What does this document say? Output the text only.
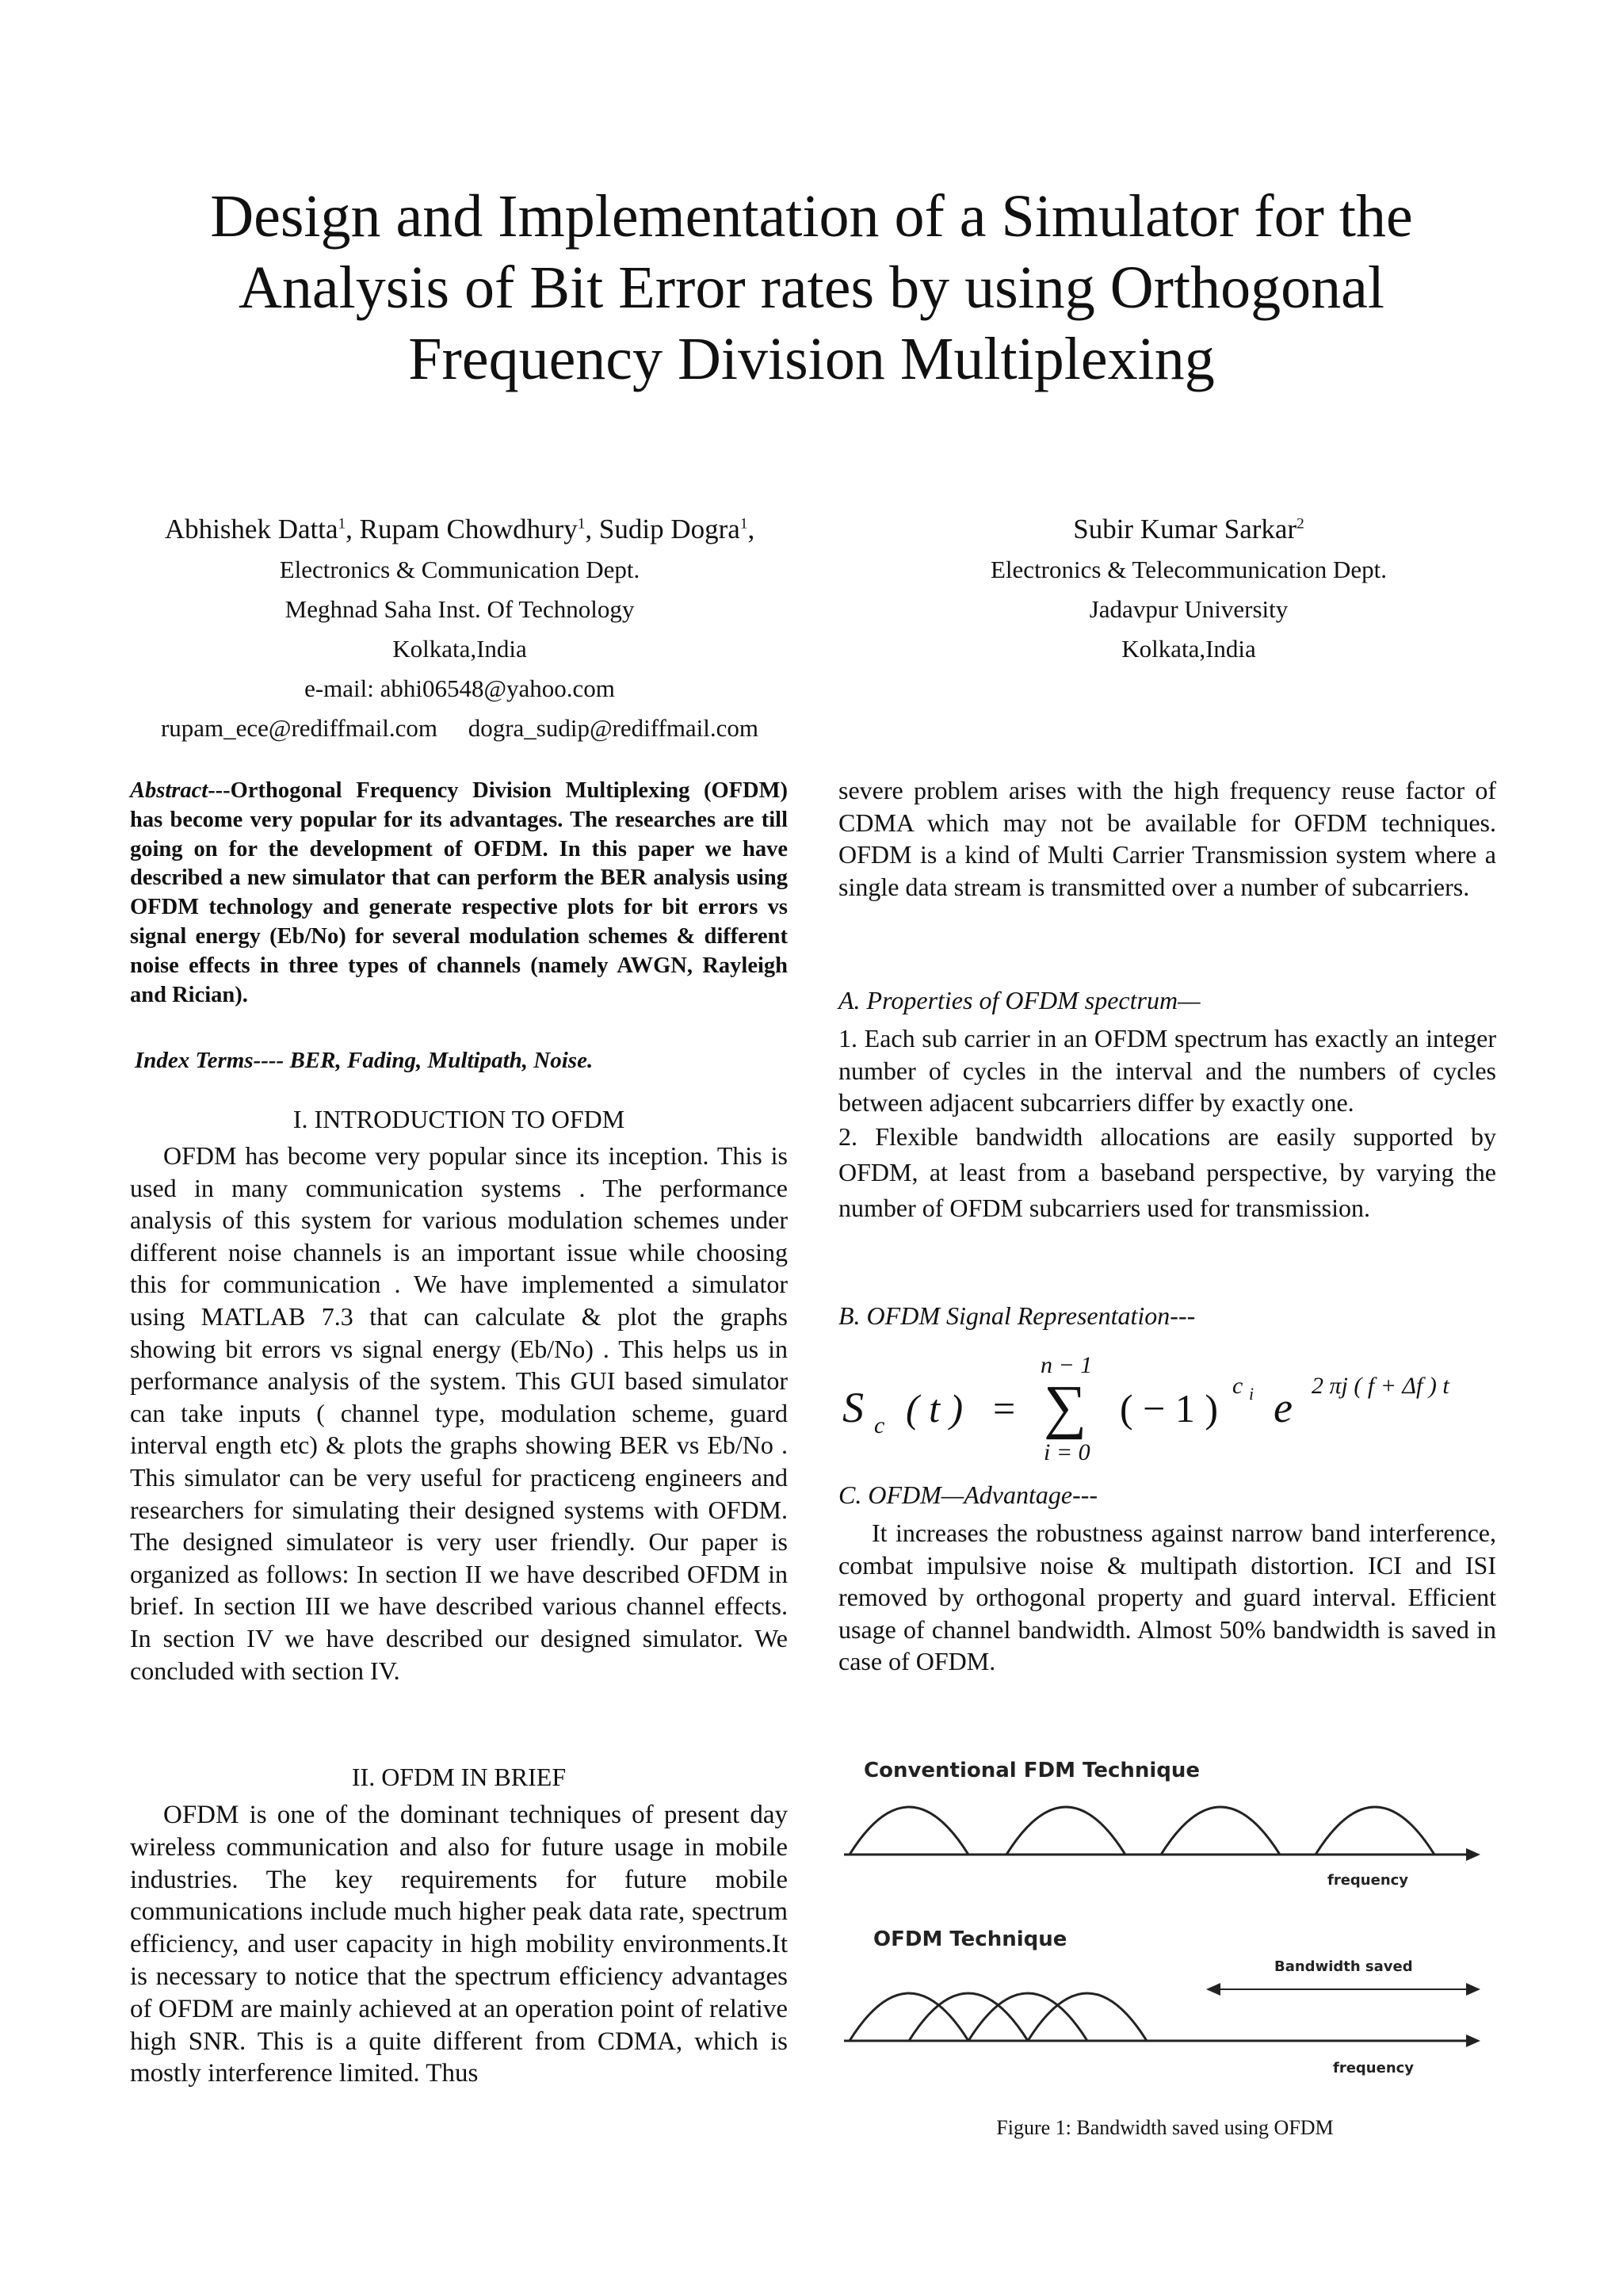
Design and Implementation of a Simulator for the
Analysis of Bit Error rates by using Orthogonal
Frequency Division Multiplexing
Abhishek Datta$^1$, Rupam Chowdhury$^1$, Sudip Dogra$^1$,
Electronics & Communication Dept.
Meghnad Saha Inst. Of Technology
Kolkata,India
e-mail: abhi06548@yahoo.com
rupam_ece@rediffmail.com     dogra_sudip@rediffmail.com
Subir Kumar Sarkar$^2$
Electronics & Telecommunication Dept.
Jadavpur University
Kolkata,India

Abstract---Orthogonal Frequency Division Multiplexing (OFDM) has become very popular for its advantages. The researches are till going on for the development of OFDM. In this paper we have described a new simulator that can perform the BER analysis using OFDM technology and generate respective plots for bit errors vs signal energy (Eb/No) for several modulation schemes & different noise effects in three types of channels (namely AWGN, Rayleigh and Rician).

Index Terms---- BER, Fading, Multipath, Noise.

I. INTRODUCTION TO OFDM

OFDM has become very popular since its inception. This is used in many communication systems . The performance analysis of this system for various modulation schemes under different noise channels is an important issue while choosing this for communication . We have implemented a simulator using MATLAB 7.3 that can calculate & plot the graphs showing bit errors vs signal energy (Eb/No) . This helps us in performance analysis of the system. This GUI based simulator can take inputs ( channel type, modulation scheme, guard interval ength etc) & plots the graphs showing BER vs Eb/No . This simulator can be very useful for practiceng engineers and researchers for simulating their designed systems with OFDM. The designed simulateor is very user friendly. Our paper is organized as follows: In section II we have described OFDM in brief. In section III we have described various channel effects. In section IV we have described our designed simulator. We concluded with section IV.

II. OFDM IN BRIEF

OFDM is one of the dominant techniques of present day wireless communication and also for future usage in mobile industries. The key requirements for future mobile communications include much higher peak data rate, spectrum efficiency, and user capacity in high mobility environments.It is necessary to notice that the spectrum efficiency advantages of OFDM are mainly achieved at an operation point of relative high SNR. This is a quite different from CDMA, which is mostly interference limited. Thus

severe problem arises with the high frequency reuse factor of CDMA which may not be available for OFDM techniques. OFDM is a kind of Multi Carrier Transmission system where a single data stream is transmitted over a number of subcarriers.

A. Properties of OFDM spectrum—

1. Each sub carrier in an OFDM spectrum has exactly an integer number of cycles in the interval and the numbers of cycles between adjacent subcarriers differ by exactly one.

2. Flexible bandwidth allocations are easily supported by OFDM, at least from a baseband perspective, by varying the number of OFDM subcarriers used for transmission.

B. OFDM Signal Representation---
S c ( t ) =
n − 1
∑
i = 0
( − 1 )
c i e 2 πj ( f + Δf ) t
C. OFDM—Advantage---

It increases the robustness against narrow band interference, combat impulsive noise & multipath distortion. ICI and ISI removed by orthogonal property and guard interval. Efficient usage of channel bandwidth. Almost 50% bandwidth is saved in case of OFDM.

Conventional FDM Technique
frequency
OFDM Technique
Bandwidth saved
frequency

Figure 1: Bandwidth saved using OFDM
